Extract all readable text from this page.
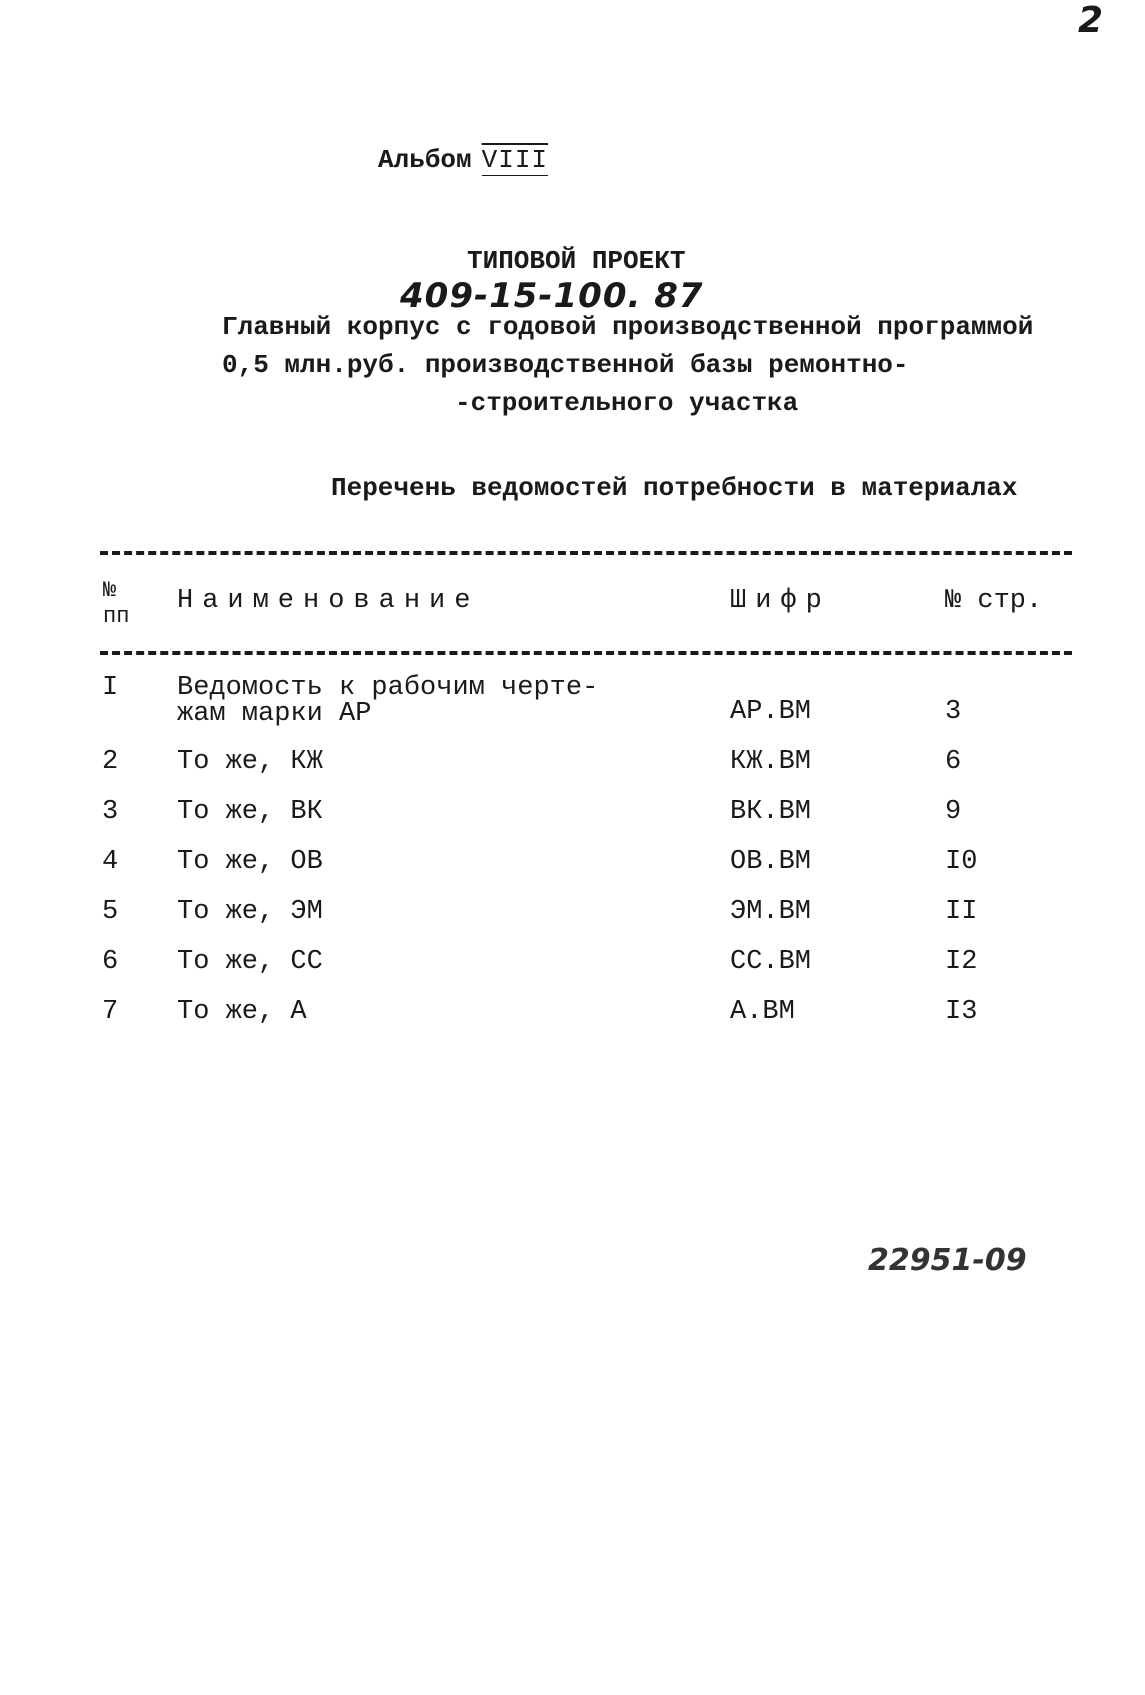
2
Альбом VIII
ТИПОВОЙ ПРОЕКТ
409-15-100. 87
Главный корпус с годовой производственной программой
0,5 млн.руб. производственной базы ремонтно-
-строительного участка
Перечень ведомостей потребности в материалах
№
пп
Наименование	Шифр	№ стр.
I Ведомость к рабочим черте-
жам марки АР	АР.ВМ	3
2 То же, КЖ	КЖ.ВМ	6
3 То же, ВК	ВК.ВМ	9
4 То же, ОВ	ОВ.ВМ	I0
5 То же, ЭМ	ЭМ.ВМ	II
6 То же, СС	СС.ВМ	I2
7 То же, А	А.ВМ	I3
22951-09
